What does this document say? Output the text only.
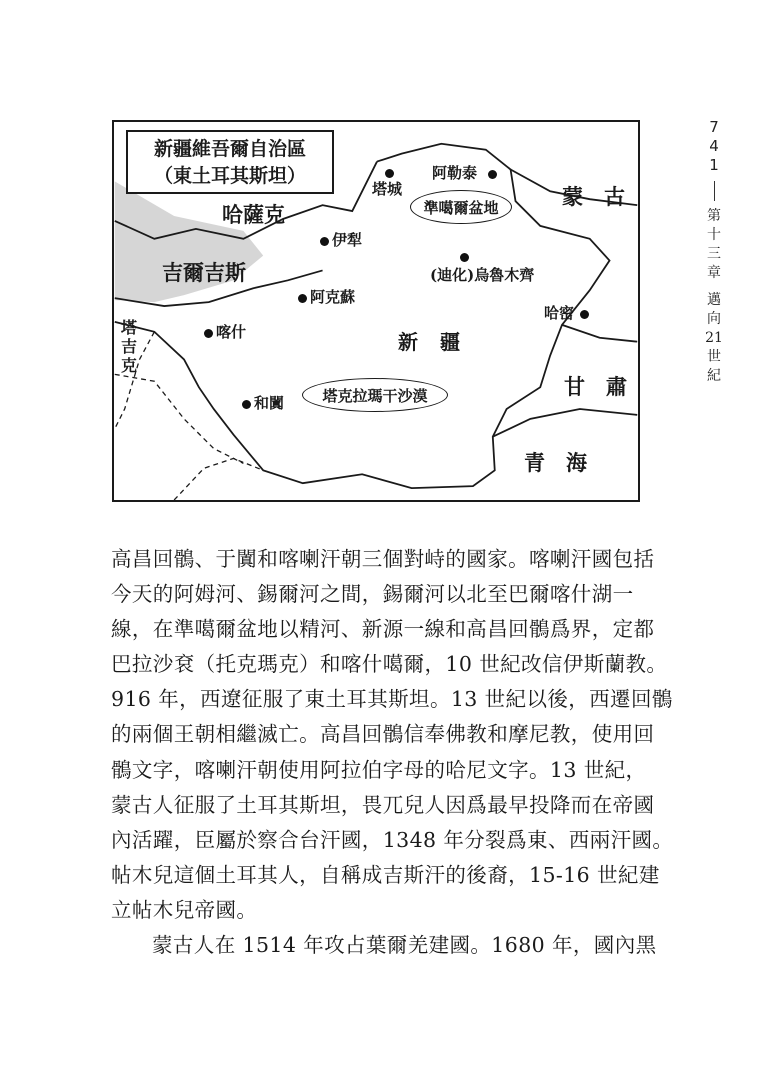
新疆維吾爾自治區
（東土耳其斯坦）
哈薩克
吉爾吉斯
蒙　古
甘　肅
青　海
塔
吉
克
新疆
塔城
阿勒泰
準噶爾盆地
伊犁
(迪化)烏魯木齊
阿克蘇
哈密
喀什
塔克拉瑪干沙漠
和闐
7
4
1
第
十
三
章
邁
向
21
世
紀

高昌回鶻、于闐和喀喇汗朝三個對峙的國家。喀喇汗國包括
今天的阿姆河、錫爾河之間，錫爾河以北至巴爾喀什湖一
線，在準噶爾盆地以精河、新源一線和高昌回鶻爲界，定都
巴拉沙袞（托克瑪克）和喀什噶爾，10 世紀改信伊斯蘭教。
916 年，西遼征服了東土耳其斯坦。13 世紀以後，西遷回鶻
的兩個王朝相繼滅亡。高昌回鶻信奉佛教和摩尼教，使用回
鶻文字，喀喇汗朝使用阿拉伯字母的哈尼文字。13 世紀，
蒙古人征服了土耳其斯坦，畏兀兒人因爲最早投降而在帝國
內活躍，臣屬於察合台汗國，1348 年分裂爲東、西兩汗國。
帖木兒這個土耳其人，自稱成吉斯汗的後裔，15-16 世紀建
立帖木兒帝國。

蒙古人在 1514 年攻占葉爾羌建國。1680 年，國內黑
